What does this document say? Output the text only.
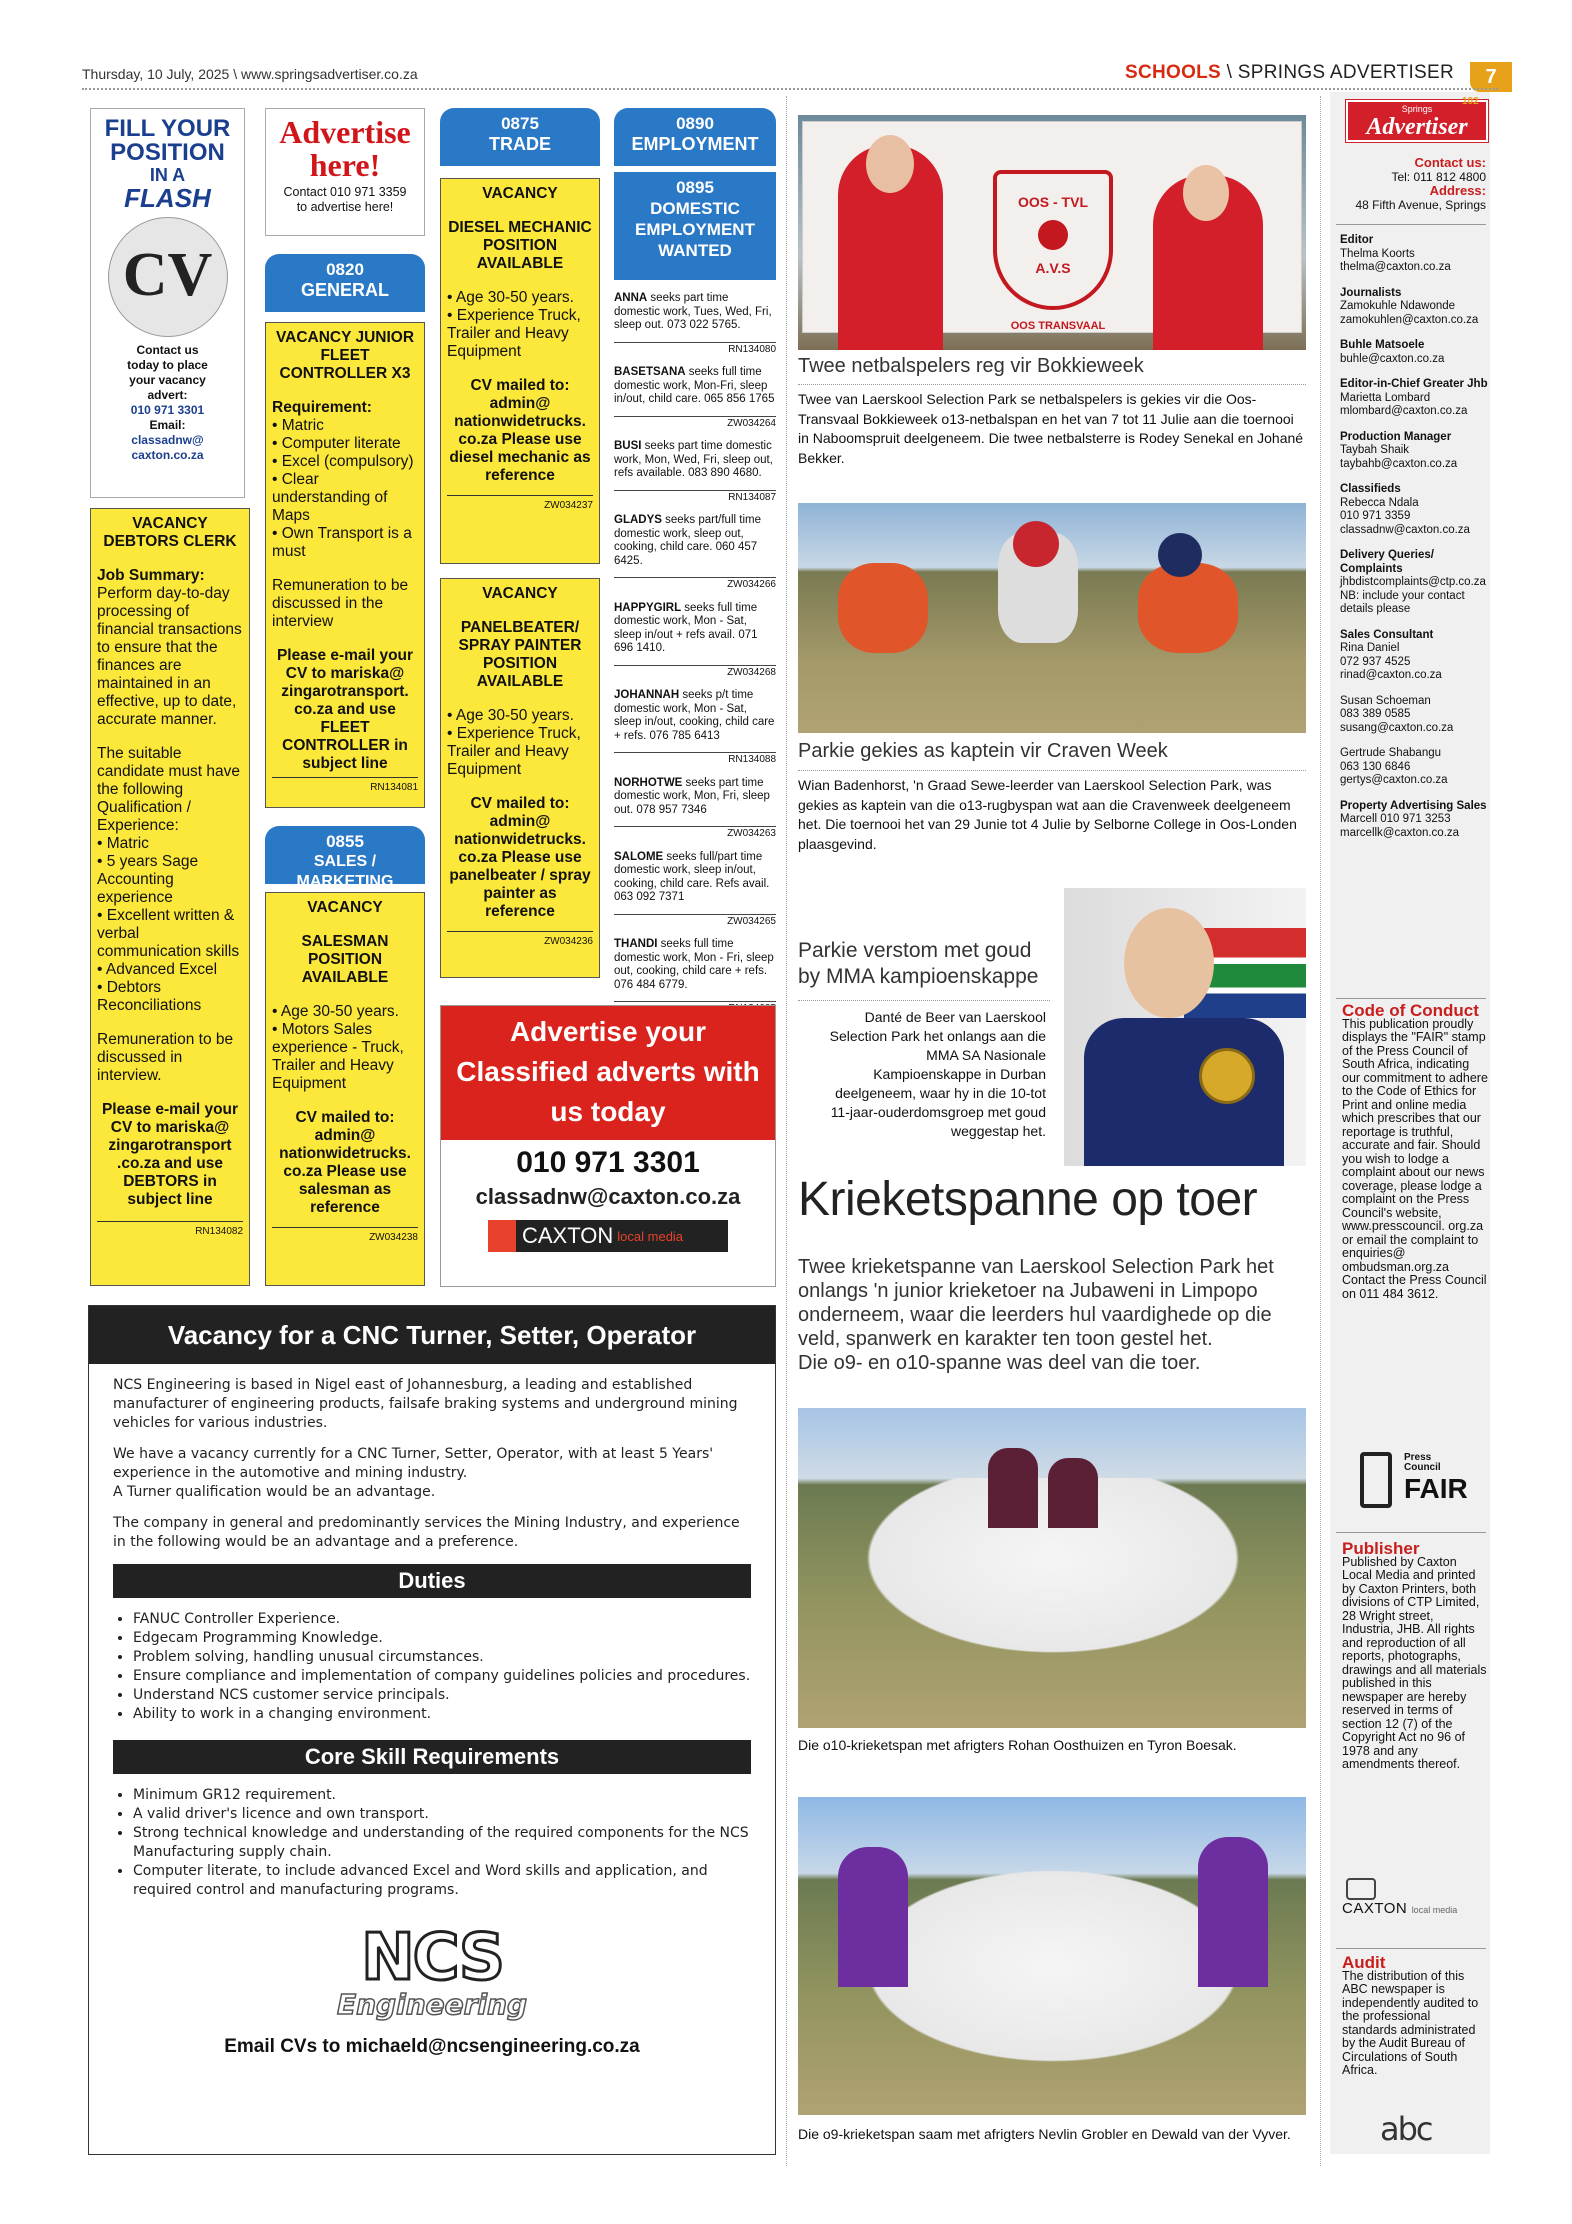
Thursday, 10 July, 2025 \ www.springsadvertiser.co.za	SCHOOLS \ SPRINGS ADVERTISER	7
FILL YOUR
POSITION
IN A
FLASH
CV
Contact us
today to place
your vacancy
advert:
010 971 3301
Email:
classadnw@
caxton.co.za
VACANCY
DEBTORS CLERK
Job Summary:
Perform day-to-day processing of financial transactions to ensure that the finances are maintained in an effective, up to date, accurate manner.
The suitable candidate must have the following Qualification / Experience:
• Matric
• 5 years Sage Accounting experience
• Excellent written & verbal communication skills
• Advanced Excel
• Debtors Reconciliations
Remuneration to be discussed in interview.
Please e-mail your CV to mariska@ zingarotransport .co.za and use DEBTORS in subject line
RN134082
Advertise
here!
Contact 010 971 3359 to advertise here!
0820
GENERAL
VACANCY JUNIOR FLEET CONTROLLER X3
Requirement:
• Matric
• Computer literate
• Excel (compulsory)
• Clear understanding of Maps
• Own Transport is a must
Remuneration to be discussed in the interview
Please e-mail your CV to mariska@ zingarotransport. co.za and use FLEET CONTROLLER in subject line
RN134081
0855
SALES / MARKETING
VACANCY
SALESMAN POSITION AVAILABLE
• Age 30-50 years.
• Motors Sales experience - Truck, Trailer and Heavy Equipment
CV mailed to: admin@ nationwidetrucks. co.za Please use salesman as reference
ZW034238
0875
TRADE
VACANCY
DIESEL MECHANIC POSITION AVAILABLE
• Age 30-50 years.
• Experience Truck, Trailer and Heavy Equipment
CV mailed to: admin@ nationwidetrucks. co.za Please use diesel mechanic as reference
ZW034237
VACANCY
PANELBEATER/ SPRAY PAINTER POSITION AVAILABLE
• Age 30-50 years.
• Experience Truck, Trailer and Heavy Equipment
CV mailed to: admin@ nationwidetrucks. co.za Please use panelbeater / spray painter as reference
ZW034236
0890
EMPLOYMENT
0895
DOMESTIC EMPLOYMENT WANTED

ANNA seeks part time domestic work, Tues, Wed, Fri, sleep out. 073 022 5765.

RN134080

BASETSANA seeks full time domestic work, Mon-Fri, sleep in/out, child care. 065 856 1765

ZW034264

BUSI seeks part time domestic work, Mon, Wed, Fri, sleep out, refs available. 083 890 4680.

RN134087

GLADYS seeks part/full time domestic work, sleep out, cooking, child care. 060 457 6425.

ZW034266

HAPPYGIRL seeks full time domestic work, Mon - Sat, sleep in/out + refs avail. 071 696 1410.

ZW034268

JOHANNAH seeks p/t time domestic work, Mon - Sat, sleep in/out, cooking, child care + refs. 076 785 6413

RN134088

NORHOTWE seeks part time domestic work, Mon, Fri, sleep out. 078 957 7346

ZW034263

SALOME seeks full/part time domestic work, sleep in/out, cooking, child care. Refs avail. 063 092 7371

ZW034265

THANDI seeks full time domestic work, Mon - Fri, sleep out, cooking, child care + refs. 076 484 6779.

Advertise your
Classified adverts with
us today
010 971 3301
classadnw@caxton.co.za
CAXTON local media
Vacancy for a CNC Turner, Setter, Operator

NCS Engineering is based in Nigel east of Johannesburg, a leading and established manufacturer of engineering products, failsafe braking systems and underground mining vehicles for various industries.

We have a vacancy currently for a CNC Turner, Setter, Operator, with at least 5 Years' experience in the automotive and mining industry.

A Turner qualification would be an advantage.

The company in general and predominantly services the Mining Industry, and experience in the following would be an advantage and a preference.

Duties
• FANUC Controller Experience.
• Edgecam Programming Knowledge.
• Problem solving, handling unusual circumstances.
• Ensure compliance and implementation of company guidelines policies and procedures.
• Understand NCS customer service principals.
• Ability to work in a changing environment.
Core Skill Requirements
• Minimum GR12 requirement.
• A valid driver's licence and own transport.
• Strong technical knowledge and understanding of the required components for the NCS Manufacturing supply chain.
• Computer literate, to include advanced Excel and Word skills and application, and required control and manufacturing programs.
NCS
Engineering
Email CVs to michaeld@ncsengineering.co.za
OOS - TVL
A.V.S
OOS TRANSVAAL
Twee netbalspelers reg vir Bokkieweek
Twee van Laerskool Selection Park se netbalspelers is gekies vir die Oos-Transvaal Bokkieweek o13-netbalspan en het van 7 tot 11 Julie aan die toernooi in Naboomspruit deelgeneem. Die twee netbalsterre is Rodey Senekal en Johané Bekker.
Parkie gekies as kaptein vir Craven Week
Wian Badenhorst, 'n Graad Sewe-leerder van Laerskool Selection Park, was gekies as kaptein van die o13-rugbyspan wat aan die Cravenweek deelgeneem het. Die toernooi het van 29 Junie tot 4 Julie by Selborne College in Oos-Londen plaasgevind.
Parkie verstom met goud
by MMA kampioenskappe
Danté de Beer van Laerskool Selection Park het onlangs aan die MMA SA Nasionale Kampioenskappe in Durban deelgeneem, waar hy in die 10-tot 11-jaar-ouderdomsgroep met goud weggestap het.
Krieketspanne op toer
Twee krieketspanne van Laerskool Selection Park het onlangs 'n junior krieketoer na Jubaweni in Limpopo onderneem, waar die leerders hul vaardighede op die veld, spanwerk en karakter ten toon gestel het.
Die o9- en o10-spanne was deel van die toer.
Die o10-krieketspan met afrigters Rohan Oosthuizen en Tyron Boesak.
Die o9-krieketspan saam met afrigters Nevlin Grobler en Dewald van der Vyver.
Springs
Advertiser
102
Contact us:
Tel: 011 812 4800
Address:
48 Fifth Avenue, Springs
Editor
Thelma Koorts
thelma@caxton.co.za
Journalists
Zamokuhle Ndawonde
zamokuhlen@caxton.co.za
Buhle Matsoele
buhle@caxton.co.za
Editor-in-Chief Greater Jhb
Marietta Lombard
mlombard@caxton.co.za
Production Manager
Taybah Shaik
taybahb@caxton.co.za
Classifieds
Rebecca Ndala
010 971 3359
classadnw@caxton.co.za
Delivery Queries/ Complaints
jhbdistcomplaints@ctp.co.za
NB: include your contact details please
Sales Consultant
Rina Daniel
072 937 4525
rinad@caxton.co.za
Susan Schoeman
083 389 0585
susang@caxton.co.za
Gertrude Shabangu
063 130 6846
gertys@caxton.co.za
Property Advertising Sales
Marcell 010 971 3253
marcellk@caxton.co.za
Code of Conduct
This publication proudly displays the "FAIR" stamp of the Press Council of South Africa, indicating our commitment to adhere to the Code of Ethics for Print and online media which prescribes that our reportage is truthful, accurate and fair. Should you wish to lodge a complaint about our news coverage, please lodge a complaint on the Press Council's website, www.presscouncil. org.za or email the complaint to enquiries@ ombudsman.org.za Contact the Press Council on 011 484 3612.
Press
Council
FAIR
Publisher
Published by Caxton Local Media and printed by Caxton Printers, both divisions of CTP Limited, 28 Wright street, Industria, JHB. All rights and reproduction of all reports, photographs, drawings and all materials published in this newspaper are hereby reserved in terms of section 12 (7) of the Copyright Act no 96 of 1978 and any amendments thereof.
CAXTON local media
Audit
The distribution of this ABC newspaper is independently audited to the professional standards administrated by the Audit Bureau of Circulations of South Africa.
abc
